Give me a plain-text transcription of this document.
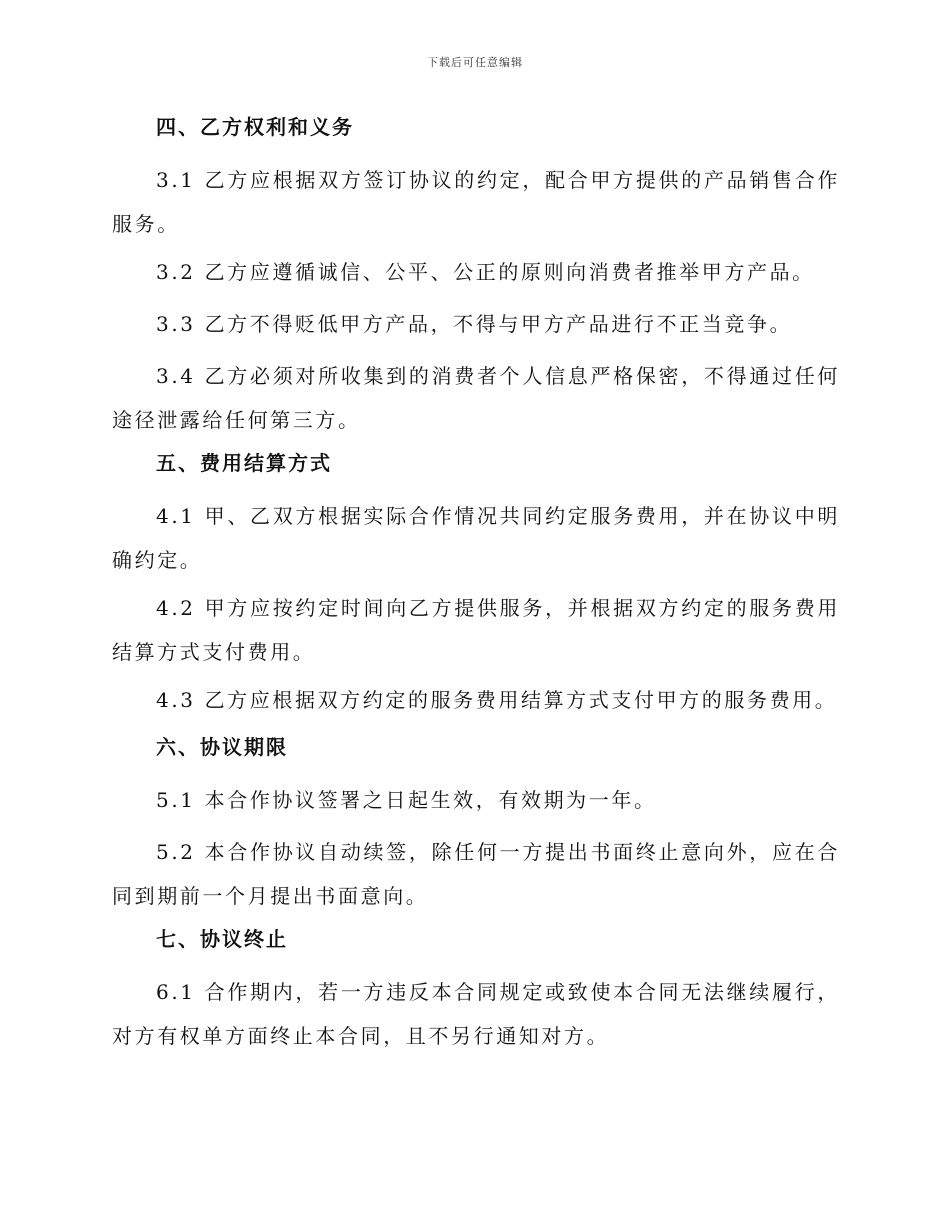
下载后可任意编辑
四、乙方权利和义务

3.1 乙方应根据双方签订协议的约定，配合甲方提供的产品销售合作服务。

3.2 乙方应遵循诚信、公平、公正的原则向消费者推举甲方产品。

3.3 乙方不得贬低甲方产品，不得与甲方产品进行不正当竞争。

3.4 乙方必须对所收集到的消费者个人信息严格保密，不得通过任何途径泄露给任何第三方。

五、费用结算方式

4.1 甲、乙双方根据实际合作情况共同约定服务费用，并在协议中明确约定。

4.2 甲方应按约定时间向乙方提供服务，并根据双方约定的服务费用结算方式支付费用。

4.3 乙方应根据双方约定的服务费用结算方式支付甲方的服务费用。

六、协议期限

5.1 本合作协议签署之日起生效，有效期为一年。

5.2 本合作协议自动续签，除任何一方提出书面终止意向外，应在合同到期前一个月提出书面意向。

七、协议终止

6.1 合作期内，若一方违反本合同规定或致使本合同无法继续履行，对方有权单方面终止本合同，且不另行通知对方。
